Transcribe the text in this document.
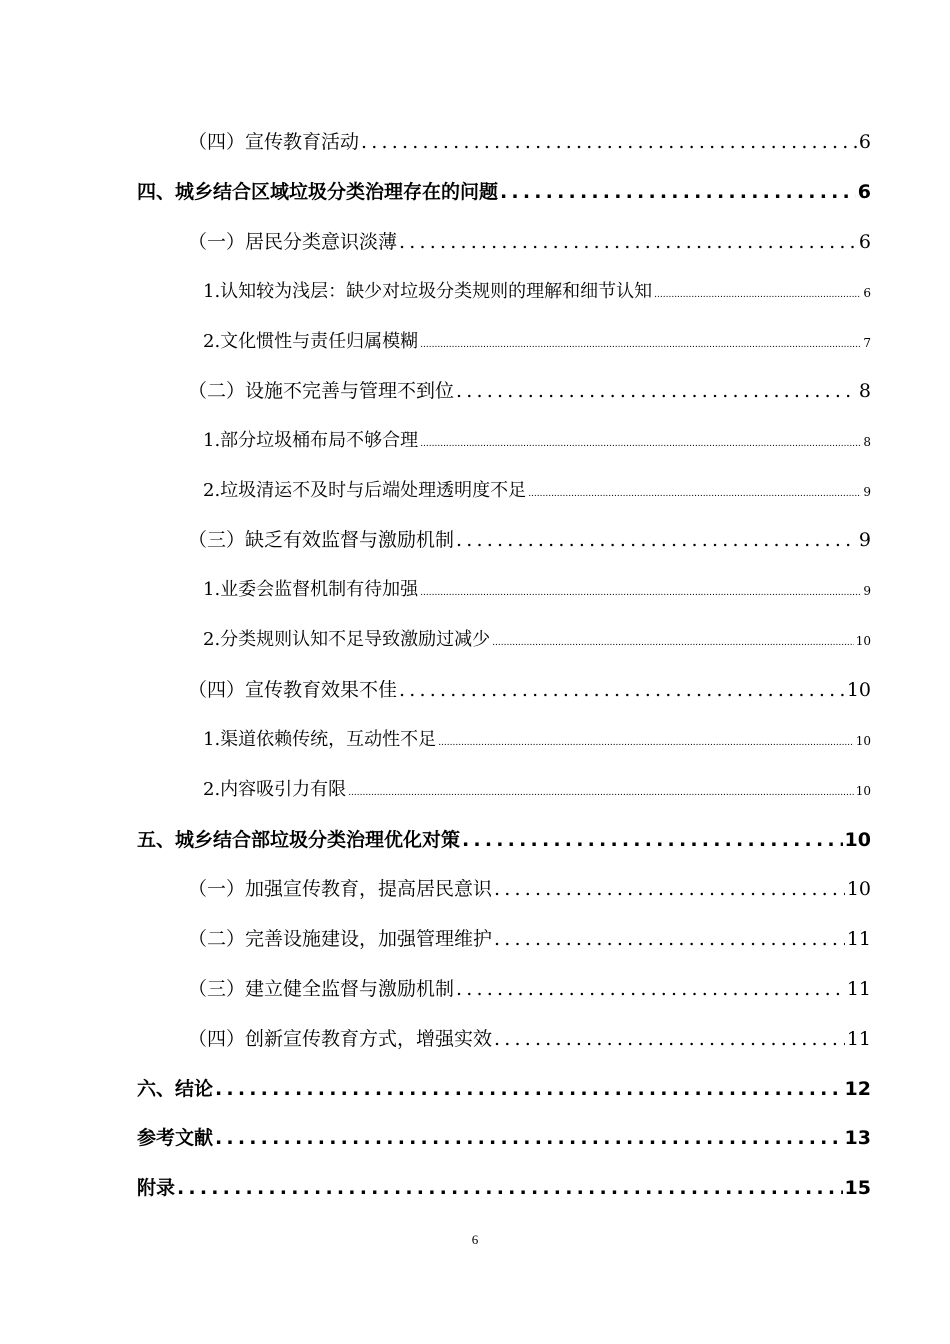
（四）宣传教育活动 .....	6
四、城乡结合区域垃圾分类治理存在的问题 .....	6
（一）居民分类意识淡薄 .....	6
1.认知较为浅层：缺少对垃圾分类规则的理解和细节认知 .....	6
2.文化惯性与责任归属模糊 .....	7
（二）设施不完善与管理不到位 .....	8
1.部分垃圾桶布局不够合理 .....	8
2.垃圾清运不及时与后端处理透明度不足 .....	9
（三）缺乏有效监督与激励机制 .....	9
1.业委会监督机制有待加强 .....	9
2.分类规则认知不足导致激励过减少 .....	10
（四）宣传教育效果不佳 .....	10
1.渠道依赖传统，互动性不足 .....	10
2.内容吸引力有限 .....	10
五、城乡结合部垃圾分类治理优化对策 .....	10
（一）加强宣传教育，提高居民意识 .....	10
（二）完善设施建设，加强管理维护 .....	11
（三）建立健全监督与激励机制 .....	11
（四）创新宣传教育方式，增强实效 .....	11
六、结论 .....	12
参考文献 .....	13
附录 .....	15
6
